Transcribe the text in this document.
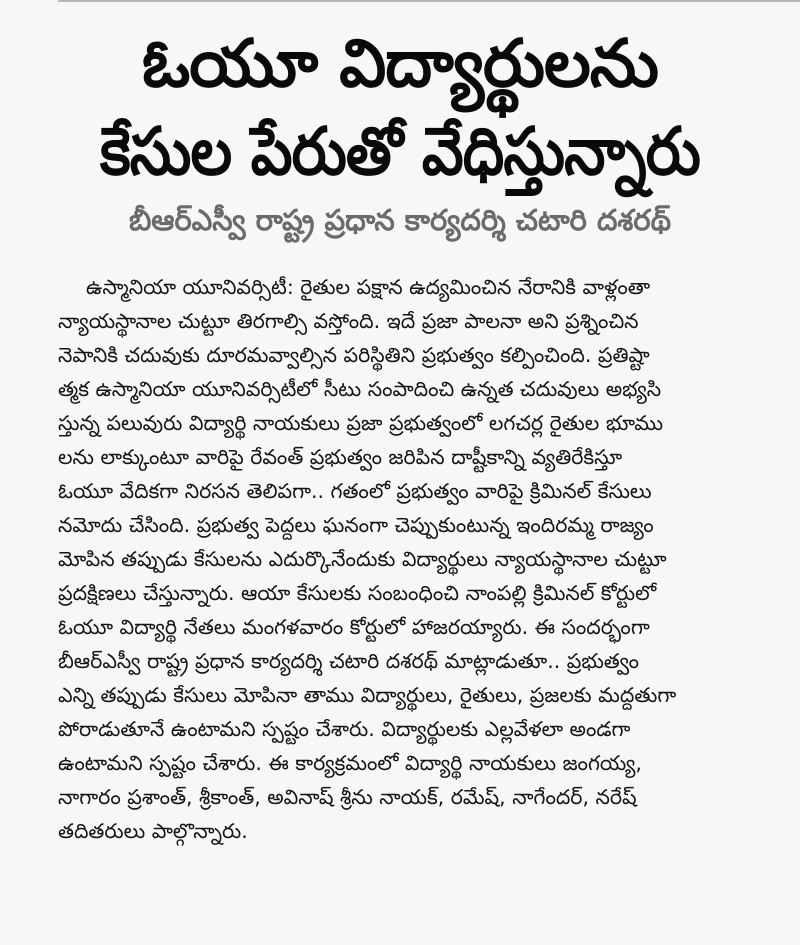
ఓయూ విద్యార్థులను
కేసుల పేరుతో వేధిస్తున్నారు
బీఆర్ఎస్వీ రాష్ట్ర ప్రధాన కార్యదర్శి చటారి దశరథ్
ఉస్మానియా యూనివర్సిటీ: రైతుల పక్షాన ఉద్యమించిన నేరానికి వాళ్లంతా
న్యాయస్థానాల చుట్టూ తిరగాల్సి వస్తోంది. ఇదే ప్రజా పాలనా అని ప్రశ్నించిన
నెపానికి చదువుకు దూరమవ్వాల్సిన పరిస్థితిని ప్రభుత్వం కల్పించింది. ప్రతిష్టా
త్మక ఉస్మానియా యూనివర్సిటీలో సీటు సంపాదించి ఉన్నత చదువులు అభ్యసి
స్తున్న పలువురు విద్యార్థి నాయకులు ప్రజా ప్రభుత్వంలో లగచర్ల రైతుల భూము
లను లాక్కుంటూ వారిపై రేవంత్ ప్రభుత్వం జరిపిన దాష్టీకాన్ని వ్యతిరేకిస్తూ
ఓయూ వేదికగా నిరసన తెలిపగా.. గతంలో ప్రభుత్వం వారిపై క్రిమినల్ కేసులు
నమోదు చేసింది. ప్రభుత్వ పెద్దలు ఘనంగా చెప్పుకుంటున్న ఇందిరమ్మ రాజ్యం
మోపిన తప్పుడు కేసులను ఎదుర్కొనేందుకు విద్యార్థులు న్యాయస్థానాల చుట్టూ
ప్రదక్షిణలు చేస్తున్నారు. ఆయా కేసులకు సంబంధించి నాంపల్లి క్రిమినల్ కోర్టులో
ఓయూ విద్యార్థి నేతలు మంగళవారం కోర్టులో హాజరయ్యారు. ఈ సందర్భంగా
బీఆర్ఎస్వీ రాష్ట్ర ప్రధాన కార్యదర్శి చటారి దశరథ్ మాట్లాడుతూ.. ప్రభుత్వం
ఎన్ని తప్పుడు కేసులు మోపినా తాము విద్యార్థులు, రైతులు, ప్రజలకు మద్దతుగా
పోరాడుతూనే ఉంటామని స్పష్టం చేశారు. విద్యార్థులకు ఎల్లవేళలా అండగా
ఉంటామని స్పష్టం చేశారు. ఈ కార్యక్రమంలో విద్యార్థి నాయకులు జంగయ్య,
నాగారం ప్రశాంత్, శ్రీకాంత్, అవినాష్ శ్రీను నాయక్, రమేష్, నాగేందర్, నరేష్
తదితరులు పాల్గొన్నారు.
